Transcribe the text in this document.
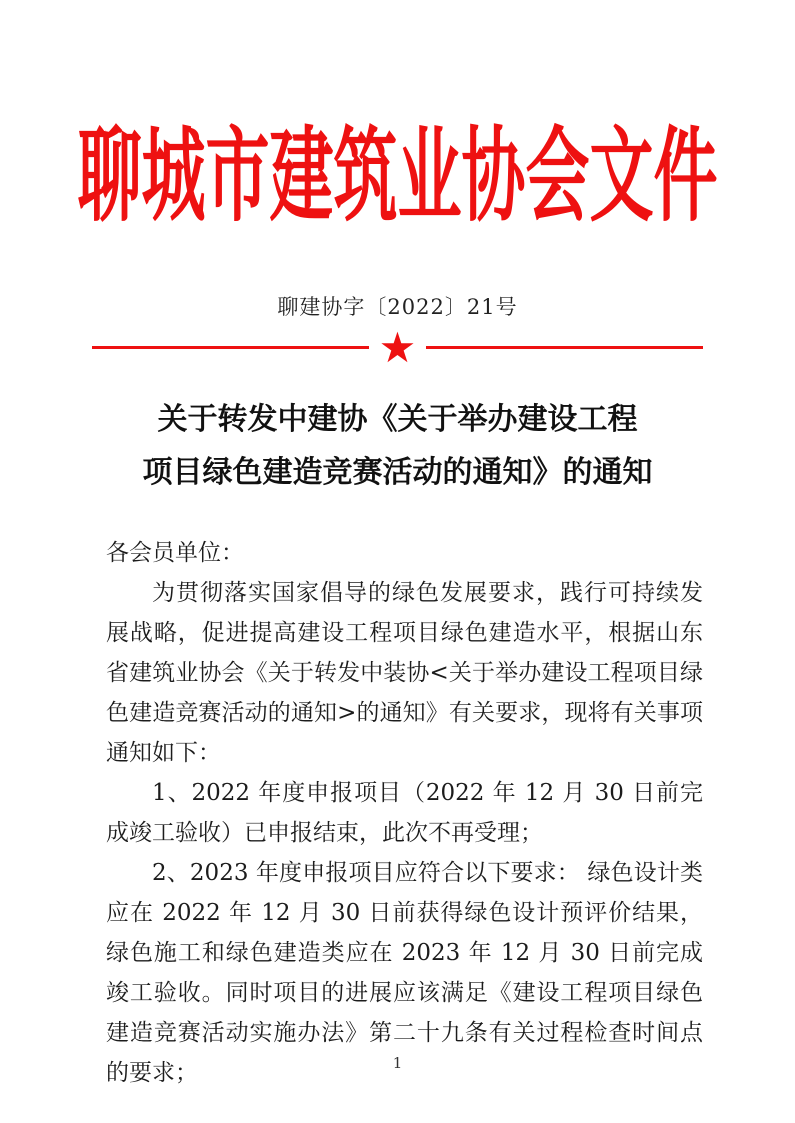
聊城市建筑业协会文件
聊建协字〔2022〕21号
★
关于转发中建协《关于举办建设工程
项目绿色建造竞赛活动的通知》的通知

各会员单位：

为贯彻落实国家倡导的绿色发展要求，践行可持续发展战略，促进提高建设工程项目绿色建造水平，根据山东省建筑业协会《关于转发中装协<关于举办建设工程项目绿色建造竞赛活动的通知>的通知》有关要求，现将有关事项通知如下：

1、2022 年度申报项目（2022 年 12 月 30 日前完成竣工验收）已申报结束，此次不再受理；

2、2023 年度申报项目应符合以下要求： 绿色设计类应在 2022 年 12 月 30 日前获得绿色设计预评价结果，绿色施工和绿色建造类应在 2023 年 12 月 30 日前完成竣工验收。同时项目的进展应该满足《建设工程项目绿色建造竞赛活动实施办法》第二十九条有关过程检查时间点的要求；	1
